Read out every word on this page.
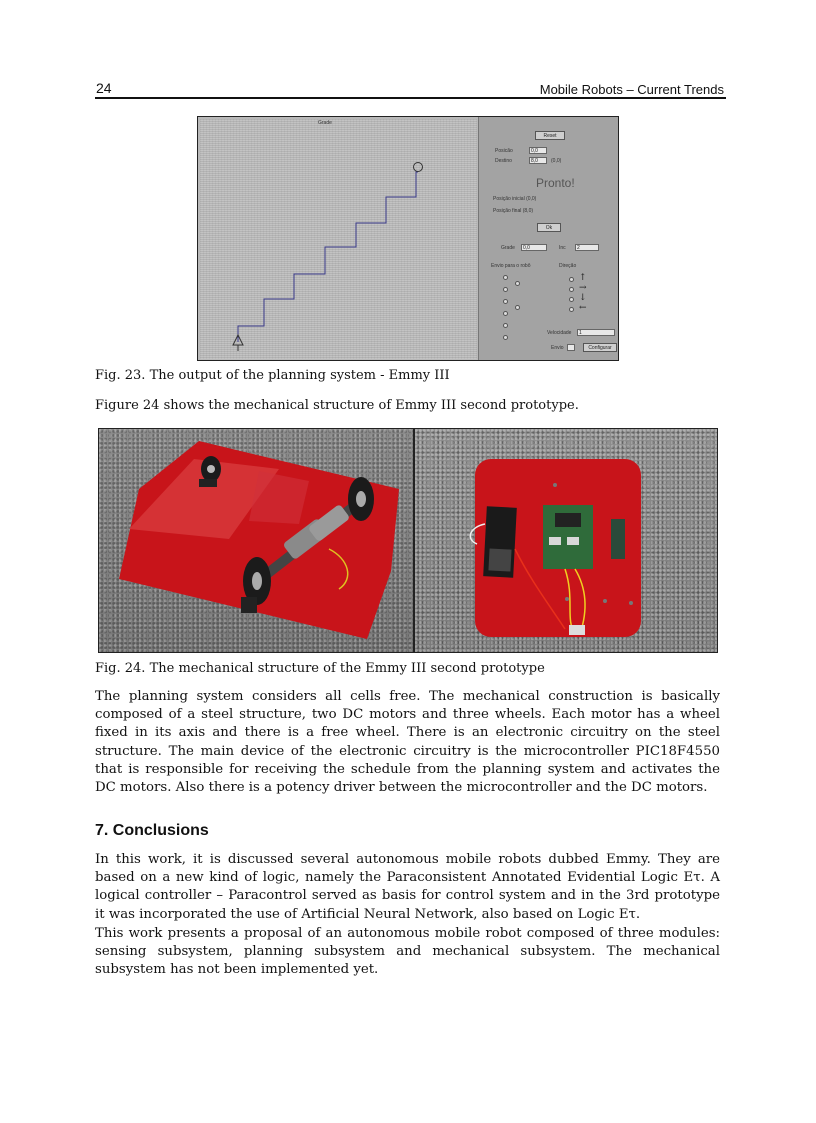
24	Mobile Robots – Current Trends
Grade
Reset
Posicão	0,0
Destino	8,0	(0,0)
Pronto!
Posição inicial (0,0)
Posição final (8,0)
Ok
Grade	0,0	Inc	2
Envio para o robô	Direção
↑
→
↓
←
Velocidade	1
Envio	Configurar
Fig. 23. The output of the planning system - Emmy III
Figure 24 shows the mechanical structure of Emmy III second prototype.
Fig. 24. The mechanical structure of the Emmy III second prototype

The planning system considers all cells free. The mechanical construction is basically composed of a steel structure, two DC motors and three wheels. Each motor has a wheel fixed in its axis and there is a free wheel. There is an electronic circuitry on the steel structure. The main device of the electronic circuitry is the microcontroller PIC18F4550 that is responsible for receiving the schedule from the planning system and activates the DC motors. Also there is a potency driver between the microcontroller and the DC motors.

7. Conclusions

In this work, it is discussed several autonomous mobile robots dubbed Emmy. They are based on a new kind of logic, namely the Paraconsistent Annotated Evidential Logic Eτ. A logical controller – Paracontrol served as basis for control system and in the 3rd prototype it was incorporated the use of Artificial Neural Network, also based on Logic Eτ.

This work presents a proposal of an autonomous mobile robot composed of three modules: sensing subsystem, planning subsystem and mechanical subsystem. The mechanical subsystem has not been implemented yet.
